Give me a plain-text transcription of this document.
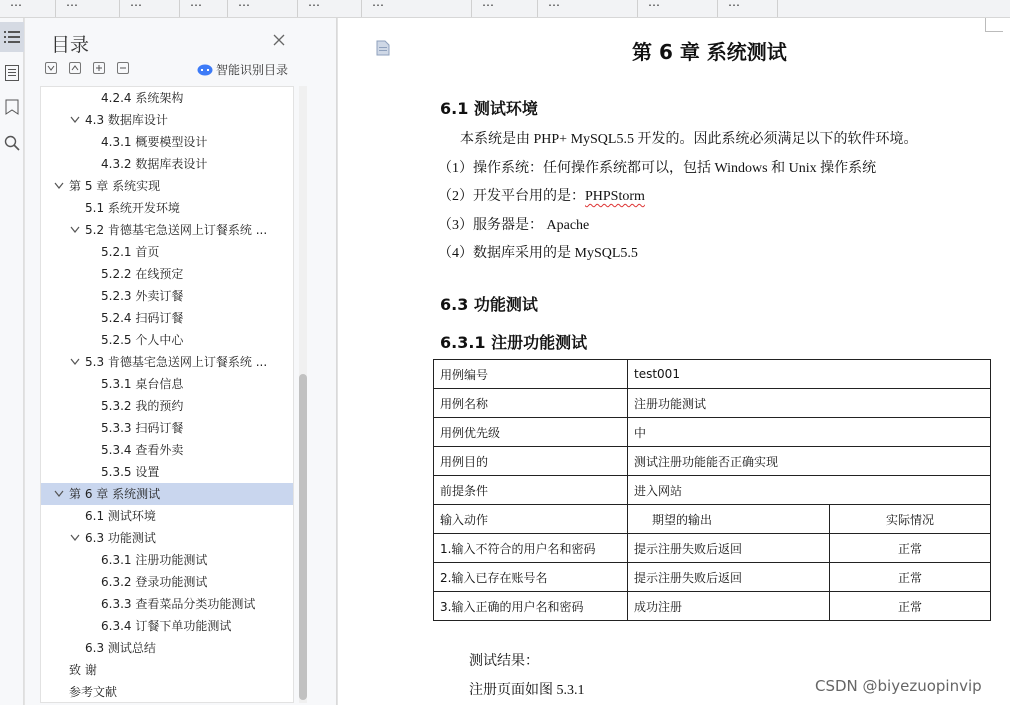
…	…	…	…	…	…	…	…	…	…	…
目录
智能识别目录
4.2.4 系统架构
4.3 数据库设计
4.3.1 概要模型设计
4.3.2 数据库表设计
第 5 章 系统实现
5.1 系统开发环境
5.2 肯德基宅急送网上订餐系统 ...
5.2.1 首页
5.2.2 在线预定
5.2.3 外卖订餐
5.2.4 扫码订餐
5.2.5 个人中心
5.3 肯德基宅急送网上订餐系统 ...
5.3.1 桌台信息
5.3.2 我的预约
5.3.3 扫码订餐
5.3.4 查看外卖
5.3.5 设置
第 6 章 系统测试
6.1 测试环境
6.3 功能测试
6.3.1 注册功能测试
6.3.2 登录功能测试
6.3.3 查看菜品分类功能测试
6.3.4 订餐下单功能测试
6.3 测试总结
致 谢
参考文献
第 6 章 系统测试
6.1 测试环境
本系统是由 PHP+ MySQL5.5 开发的。因此系统必须满足以下的软件环境。
（1）操作系统：任何操作系统都可以，包括 Windows 和 Unix 操作系统
（2）开发平台用的是：PHPStorm
（3）服务器是： Apache
（4）数据库采用的是 MySQL5.5
6.3 功能测试
6.3.1 注册功能测试
用例编号	test001	
用例名称	注册功能测试	
用例优先级	中	
用例目的	测试注册功能能否正确实现	
前提条件	进入网站	
输入动作	期望的输出	实际情况
1.输入不符合的用户名和密码	提示注册失败后返回	正常
2.输入已存在账号名	提示注册失败后返回	正常
3.输入正确的用户名和密码	成功注册	正常
测试结果：
注册页面如图 5.3.1	CSDN @biyezuopinvip
